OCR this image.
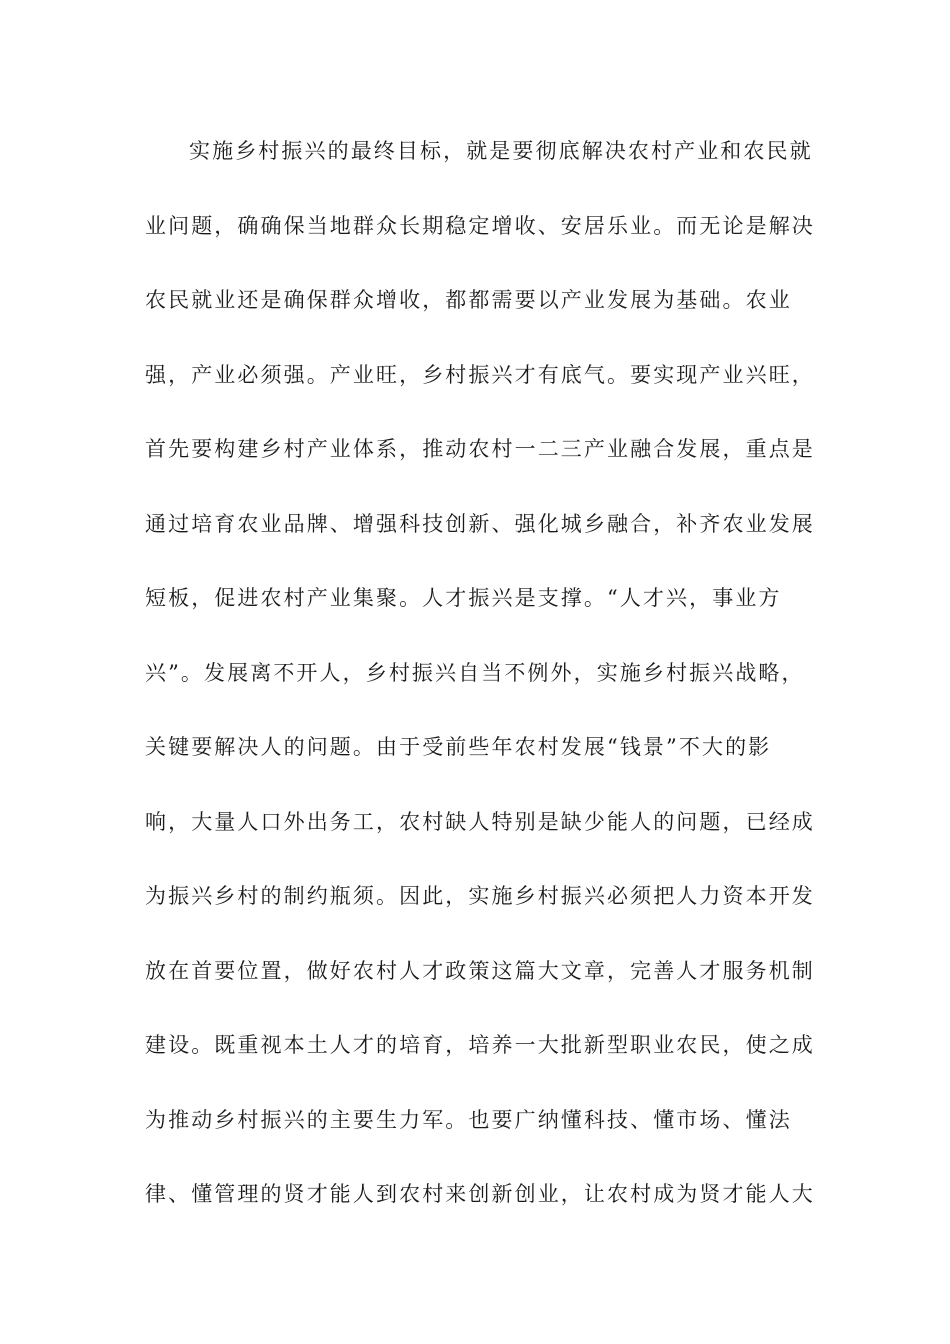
实施乡村振兴的最终目标，就是要彻底解决农村产业和农民就
业问题，确确保当地群众长期稳定增收、安居乐业。而无论是解决
农民就业还是确保群众增收，都都需要以产业发展为基础。农业
强，产业必须强。产业旺，乡村振兴才有底气。要实现产业兴旺，
首先要构建乡村产业体系，推动农村一二三产业融合发展，重点是
通过培育农业品牌、增强科技创新、强化城乡融合，补齐农业发展
短板，促进农村产业集聚。人才振兴是支撑。“人才兴，事业方
兴”。发展离不开人，乡村振兴自当不例外，实施乡村振兴战略，
关键要解决人的问题。由于受前些年农村发展“钱景”不大的影
响，大量人口外出务工，农村缺人特别是缺少能人的问题，已经成
为振兴乡村的制约瓶须。因此，实施乡村振兴必须把人力资本开发
放在首要位置，做好农村人才政策这篇大文章，完善人才服务机制
建设。既重视本土人才的培育，培养一大批新型职业农民，使之成
为推动乡村振兴的主要生力军。也要广纳懂科技、懂市场、懂法
律、懂管理的贤才能人到农村来创新创业，让农村成为贤才能人大
